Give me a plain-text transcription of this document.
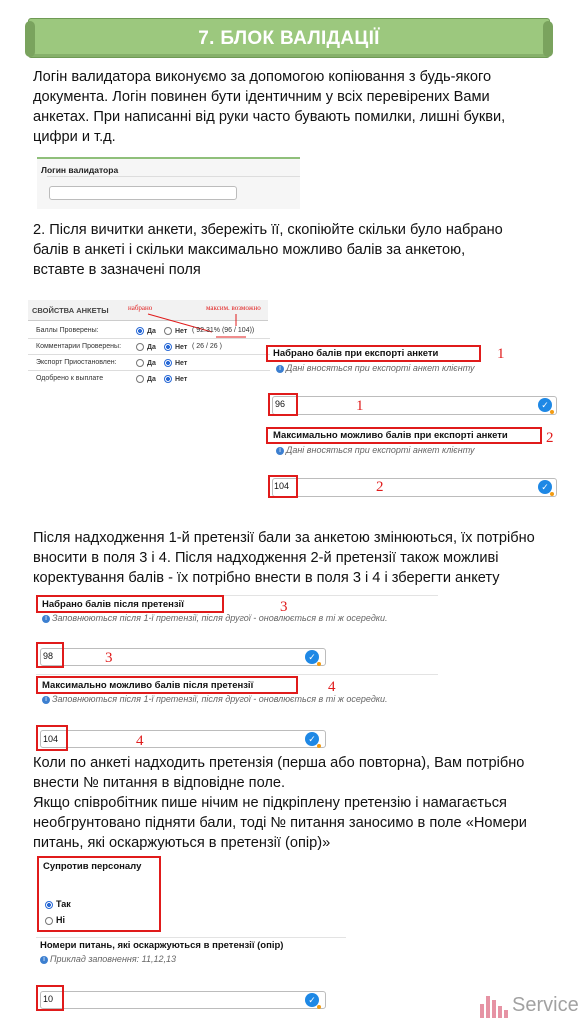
7. БЛОК ВАЛІДАЦІЇ
Логін валидатора виконуємо за допомогою копіювання з будь-якого
документа. Логін повинен бути ідентичним у всіх перевірених Вами
анкетах. При написанні від руки часто бувають помилки, лишні букви,
цифри и т.д.
Логин валидатора
2. Після вичитки анкети, збережіть її, скопіюйте скільки було набрано
балів в анкеті і скільки максимально можливо балів за анкетою,
вставте в зазначені поля
СВОЙСТВА АНКЕТЫ	набрано	максим. возможно
Баллы Проверены:	Да	Нет ( 92.31% (96 / 104))
Комментарии Проверены:	Да	Нет ( 26 / 26 )
Экспорт Приостановлен:	Да	Нет
Одобрено к выплате	Да	Нет
Набрано балів при експорті анкети
i Дані вносяться при експорті анкет клієнту
1
96	1	✓
Максимально можливо балів при експорті анкети
i Дані вносяться при експорті анкет клієнту
2
104	2	✓
Після надходження 1-й претензії бали за анкетою змінюються, їх потрібно
вносити в поля 3 і 4. Після надходження 2-й претензії також можливі
коректування балів - їх потрібно внести в поля 3 і 4 і зберегти анкету
Набрано балів після претензії
i Заповнюються після 1-ї претензії, після другої - оновлюється в ті ж осередки.
3
98	3	✓
Максимально можливо балів після претензії
i Заповнюються після 1-ї претензії, після другої - оновлюється в ті ж осередки.
4
104	4	✓
Коли по анкеті надходить претензія (перша або повторна), Вам потрібно
внести № питання в відповідне поле.
Якщо співробітник пише нічим не підкріплену претензію і намагається
необгрунтовано підняти бали, тоді № питання заносимо в поле «Номери
питань, які оскаржуються в претензії (опір)»
Супротив персоналу
Так
Ні
Номери питань, які оскаржуються в претензії (опір)
i Приклад заповнення: 11,12,13
10	✓	Service
